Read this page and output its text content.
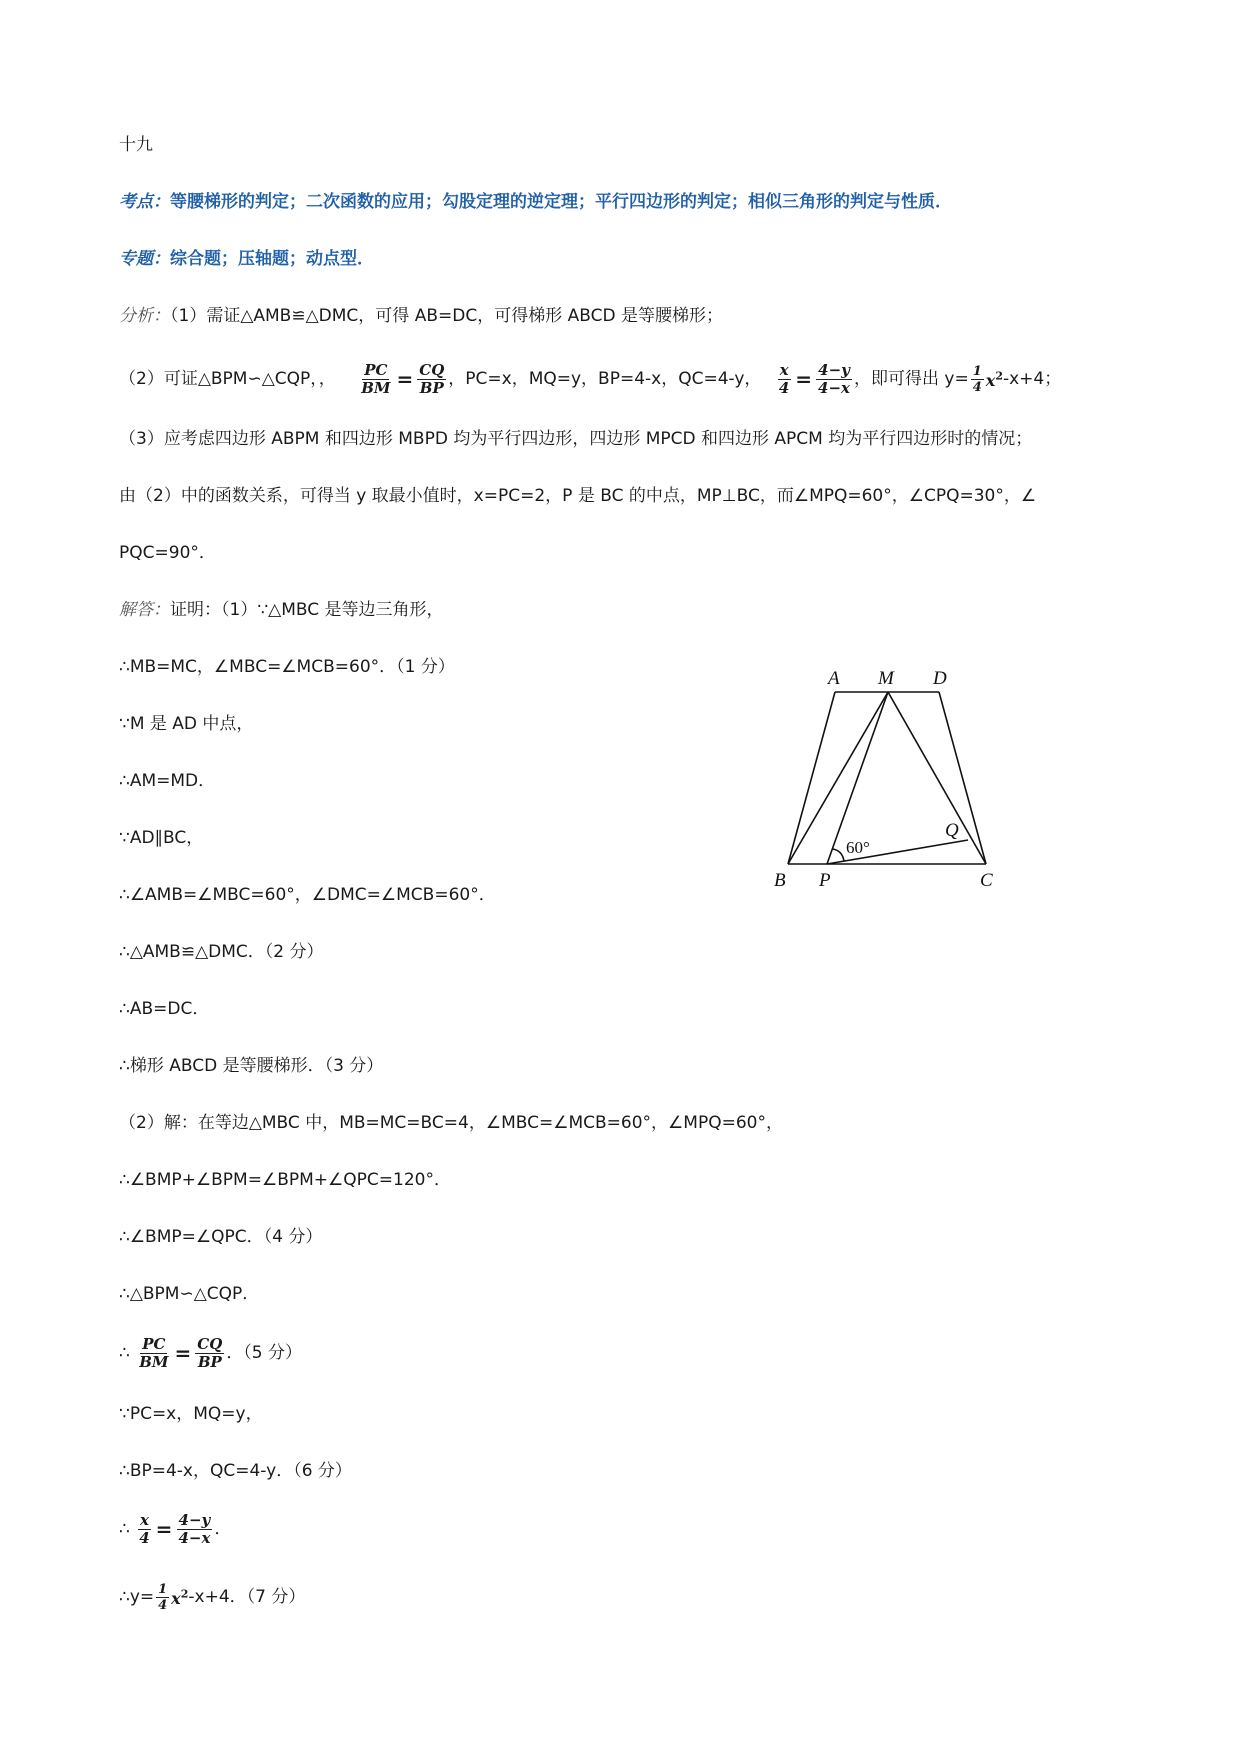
十九
考点：等腰梯形的判定；二次函数的应用；勾股定理的逆定理；平行四边形的判定；相似三角形的判定与性质．
专题：综合题；压轴题；动点型．
分析：（1）需证△AMB≌△DMC，可得 AB=DC，可得梯形 ABCD 是等腰梯形；
（2）可证△BPM∽△CQP，， $\frac{PC}{BM} = \frac{CQ}{BP}$ ，PC=x，MQ=y，BP=4-x，QC=4-y， $\frac{x}{4} = \frac{4-y}{4-x}$ ，即可得出 $y= \frac{1}{4} x^2-x+4$；
（3）应考虑四边形 ABPM 和四边形 MBPD 均为平行四边形，四边形 MPCD 和四边形 APCM 均为平行四边形时的情况；
由（2）中的函数关系，可得当 y 取最小值时，x=PC=2，P 是 BC 的中点，MP⊥BC，而∠MPQ=60°，∠CPQ=30°，∠
PQC=90°．
解答：证明：（1）∵△MBC 是等边三角形，
∴MB=MC，∠MBC=∠MCB=60°．（1 分）
∵M 是 AD 中点，
∴AM=MD．
∵AD∥BC，
∴∠AMB=∠MBC=60°，∠DMC=∠MCB=60°．
∴△AMB≌△DMC．（2 分）
∴AB=DC．
∴梯形 ABCD 是等腰梯形．（3 分）
（2）解：在等边△MBC 中，MB=MC=BC=4，∠MBC=∠MCB=60°，∠MPQ=60°，
∴∠BMP+∠BPM=∠BPM+∠QPC=120°．
∴∠BMP=∠QPC．（4 分）
∴△BPM∽△CQP．
∴ $\frac{PC}{BM} = \frac{CQ}{BP}$ ．（5 分）
∵PC=x，MQ=y，
∴BP=4-x，QC=4-y．（6 分）
∴ $\frac{x}{4} = \frac{4-y}{4-x}$ ．
∴y= $\frac{1}{4} x^2-x+4$．（7 分）
A M D
B P	C
Q
60°
